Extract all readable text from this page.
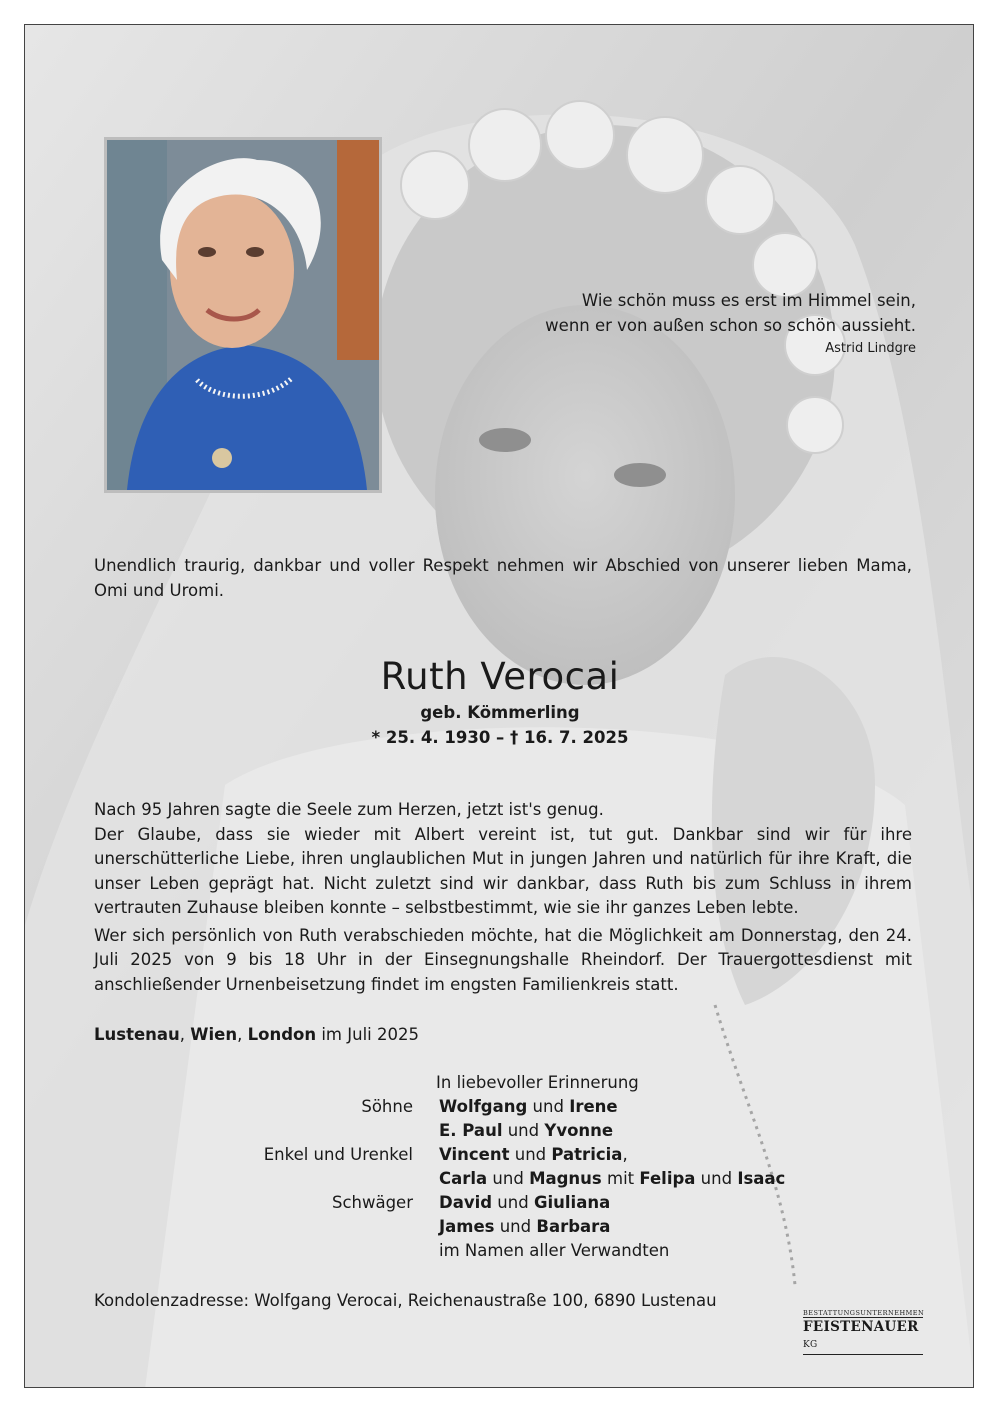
Wie schön muss es erst im Himmel sein,
wenn er von außen schon so schön aussieht.
Astrid Lindgre
Unendlich traurig, dankbar und voller Respekt nehmen wir Abschied von unserer lieben Mama, Omi und Uromi.
Ruth Verocai
geb. Kömmerling
* 25. 4. 1930 – † 16. 7. 2025

Nach 95 Jahren sagte die Seele zum Herzen, jetzt ist's genug.

Der Glaube, dass sie wieder mit Albert vereint ist, tut gut. Dankbar sind wir für ihre unerschütterliche Liebe, ihren unglaublichen Mut in jungen Jahren und natürlich für ihre Kraft, die unser Leben geprägt hat. Nicht zuletzt sind wir dankbar, dass Ruth bis zum Schluss in ihrem vertrauten Zuhause bleiben konnte – selbstbestimmt, wie sie ihr ganzes Leben lebte.

Wer sich persönlich von Ruth verabschieden möchte, hat die Möglichkeit am Donnerstag, den 24. Juli 2025 von 9 bis 18 Uhr in der Einsegnungshalle Rheindorf. Der Trauergottesdienst mit anschließender Urnenbeisetzung findet im engsten Familienkreis statt.

Lustenau, Wien, London im Juli 2025
In liebevoller Erinnerung
Söhne Wolfgang und Irene
E. Paul und Yvonne
Enkel und Urenkel Vincent und Patricia,
Carla und Magnus mit Felipa und Isaac
Schwäger David und Giuliana
James und Barbara
im Namen aller Verwandten
Kondolenzadresse: Wolfgang Verocai, Reichenaustraße 100, 6890 Lustenau
BESTATTUNGSUNTERNEHMEN
FEISTENAUER KG
